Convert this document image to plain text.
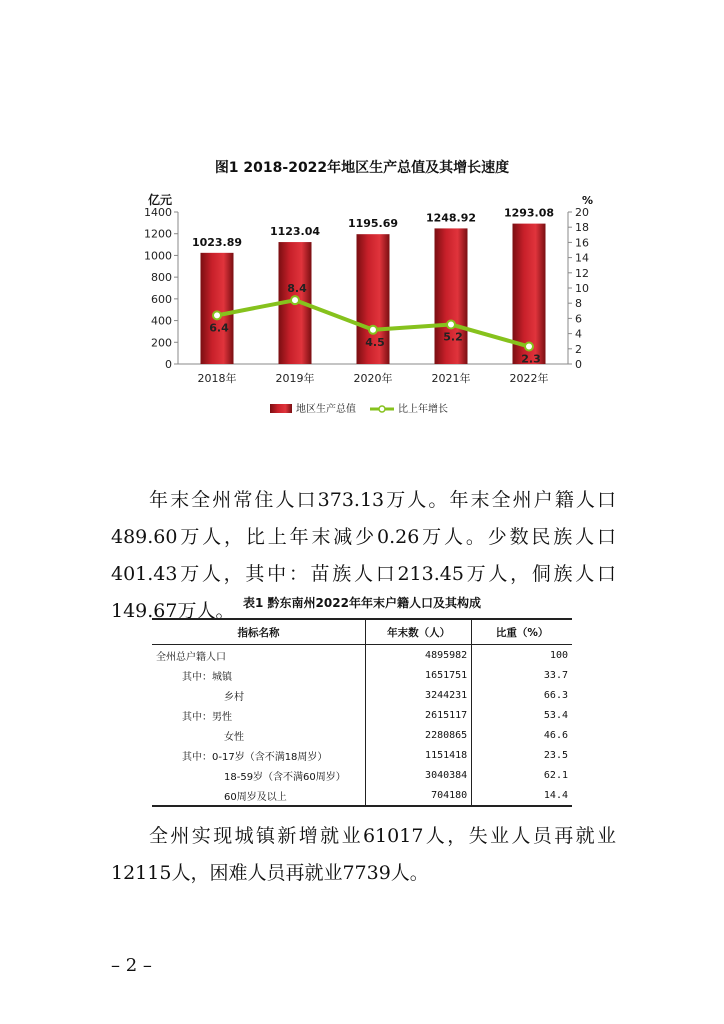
图1 2018-2022年地区生产总值及其增长速度
0
200
400
600
800
1000
1200
1400
0
2
4
6
8
10
12
14
16
18
20
亿元	%
1023.89
1123.04
1195.69	1248.92	1293.08
2018年	2019年	2020年	2021年	2022年
6.4
8.4
4.5	5.2
2.3
地区生产总值	比上年增长

年末全州常住人口373.13万人。年末全州户籍人口489.60万人，比上年末减少0.26万人。少数民族人口401.43万人，其中：苗族人口213.45万人，侗族人口149.67万人。 表1 黔东南州2022年年末户籍人口及其构成
指标名称	年末数（人）	比重（%）
全州总户籍人口	4895982	100
其中：城镇	1651751	33.7
乡村	3244231	66.3
其中：男性	2615117	53.4
女性	2280865	46.6
其中：0-17岁（含不满18周岁）	1151418	23.5
18-59岁（含不满60周岁）	3040384	62.1
60周岁及以上	704180	14.4

全州实现城镇新增就业61017人，失业人员再就业12115人，困难人员再就业7739人。

– 2 –
